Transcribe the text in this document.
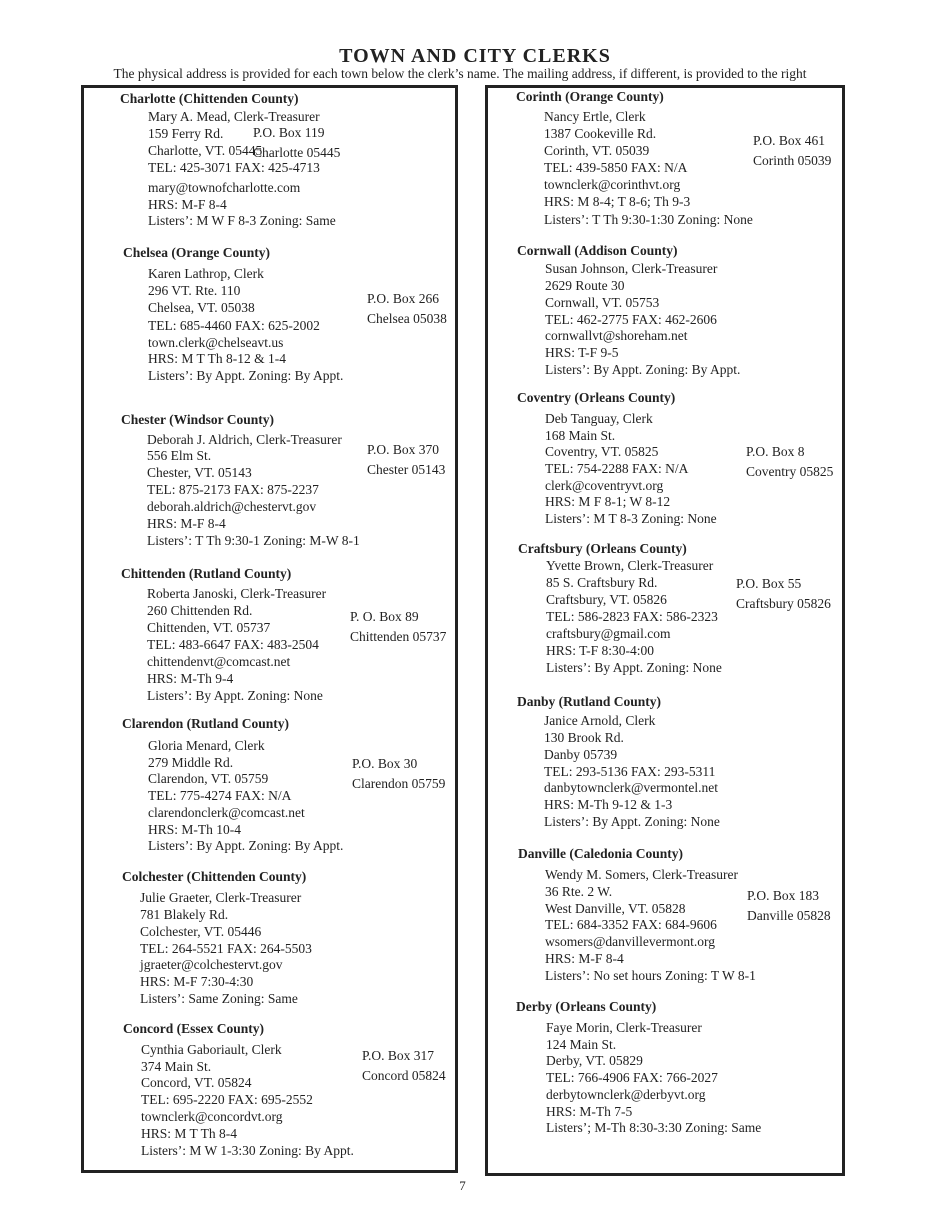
TOWN AND CITY CLERKS

The physical address is provided for each town below the clerk’s name. The mailing address, if different, is provided to the right

Charlotte (Chittenden County)
Mary A. Mead, Clerk-Treasurer
159 Ferry Rd.
Charlotte, VT. 05445
TEL: 425-3071 FAX: 425-4713
mary@townofcharlotte.com
HRS: M-F 8-4
Listers’: M W F 8-3 Zoning: Same
P.O. Box 119
Charlotte 05445
Chelsea (Orange County)
Karen Lathrop, Clerk
296 VT. Rte. 110
Chelsea, VT. 05038
TEL: 685-4460 FAX: 625-2002
town.clerk@chelseavt.us
HRS: M T Th 8-12 & 1-4
Listers’: By Appt. Zoning: By Appt.
P.O. Box 266
Chelsea 05038
Chester (Windsor County)
Deborah J. Aldrich, Clerk-Treasurer
556 Elm St.
Chester, VT. 05143
TEL: 875-2173 FAX: 875-2237
deborah.aldrich@chestervt.gov
HRS: M-F 8-4
Listers’: T Th 9:30-1 Zoning: M-W 8-1
P.O. Box 370
Chester 05143
Chittenden (Rutland County)
Roberta Janoski, Clerk-Treasurer
260 Chittenden Rd.
Chittenden, VT. 05737
TEL: 483-6647 FAX: 483-2504
chittendenvt@comcast.net
HRS: M-Th 9-4
Listers’: By Appt. Zoning: None
P. O. Box 89
Chittenden 05737
Clarendon (Rutland County)
Gloria Menard, Clerk
279 Middle Rd.
Clarendon, VT. 05759
TEL: 775-4274 FAX: N/A
clarendonclerk@comcast.net
HRS: M-Th 10-4
Listers’: By Appt. Zoning: By Appt.
P.O. Box 30
Clarendon 05759
Colchester (Chittenden County)
Julie Graeter, Clerk-Treasurer
781 Blakely Rd.
Colchester, VT. 05446
TEL: 264-5521 FAX: 264-5503
jgraeter@colchestervt.gov
HRS: M-F 7:30-4:30
Listers’: Same Zoning: Same
Concord (Essex County)
Cynthia Gaboriault, Clerk
374 Main St.
Concord, VT. 05824
TEL: 695-2220 FAX: 695-2552
townclerk@concordvt.org
HRS: M T Th 8-4
Listers’: M W 1-3:30 Zoning: By Appt.
P.O. Box 317
Concord 05824
Corinth (Orange County)
Nancy Ertle, Clerk
1387 Cookeville Rd.
Corinth, VT. 05039
TEL: 439-5850 FAX: N/A
townclerk@corinthvt.org
HRS: M 8-4; T 8-6; Th 9-3
Listers’: T Th 9:30-1:30 Zoning: None
P.O. Box 461
Corinth 05039
Cornwall (Addison County)
Susan Johnson, Clerk-Treasurer
2629 Route 30
Cornwall, VT. 05753
TEL: 462-2775 FAX: 462-2606
cornwallvt@shoreham.net
HRS: T-F 9-5
Listers’: By Appt. Zoning: By Appt.
Coventry (Orleans County)
Deb Tanguay, Clerk
168 Main St.
Coventry, VT. 05825
TEL: 754-2288 FAX: N/A
clerk@coventryvt.org
HRS: M F 8-1; W 8-12
Listers’: M T 8-3 Zoning: None
P.O. Box 8
Coventry 05825
Craftsbury (Orleans County)
Yvette Brown, Clerk-Treasurer
85 S. Craftsbury Rd.
Craftsbury, VT. 05826
TEL: 586-2823 FAX: 586-2323
craftsbury@gmail.com
HRS: T-F 8:30-4:00
Listers’: By Appt. Zoning: None
P.O. Box 55
Craftsbury 05826
Danby (Rutland County)
Janice Arnold, Clerk
130 Brook Rd.
Danby 05739
TEL: 293-5136 FAX: 293-5311
danbytownclerk@vermontel.net
HRS: M-Th 9-12 & 1-3
Listers’: By Appt. Zoning: None
Danville (Caledonia County)
Wendy M. Somers, Clerk-Treasurer
36 Rte. 2 W.
West Danville, VT. 05828
TEL: 684-3352 FAX: 684-9606
wsomers@danvillevermont.org
HRS: M-F 8-4
Listers’: No set hours Zoning: T W 8-1
P.O. Box 183
Danville 05828
Derby (Orleans County)
Faye Morin, Clerk-Treasurer
124 Main St.
Derby, VT. 05829
TEL: 766-4906 FAX: 766-2027
derbytownclerk@derbyvt.org
HRS: M-Th 7-5
Listers’; M-Th 8:30-3:30 Zoning: Same
7
